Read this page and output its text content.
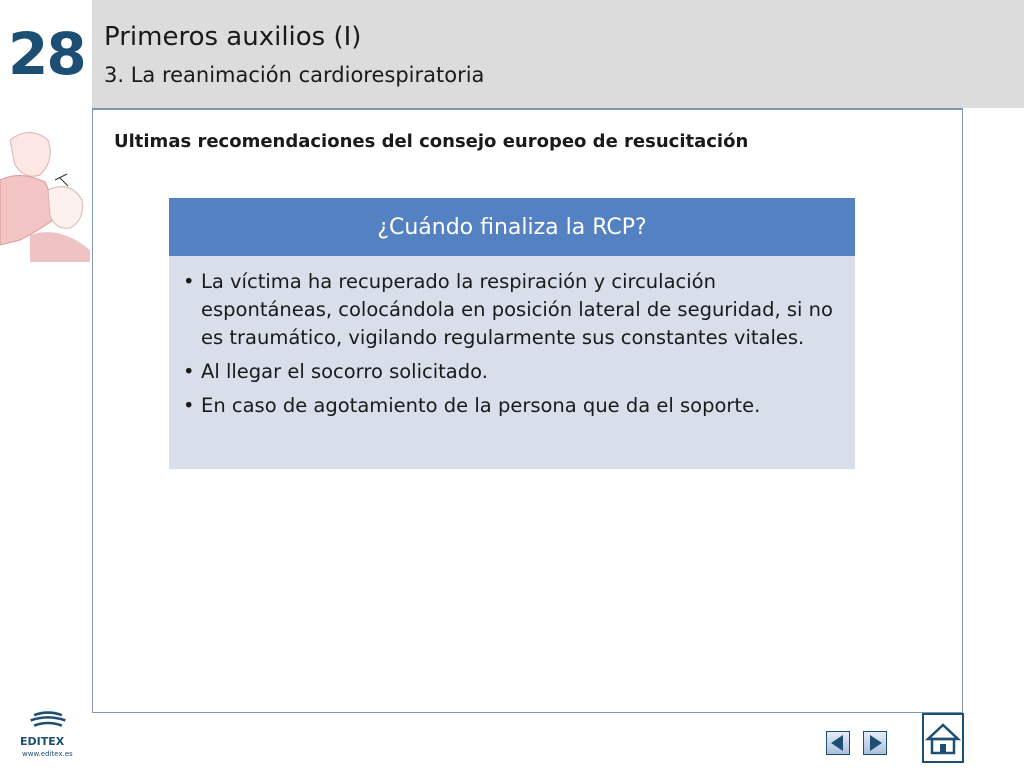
28 Primeros auxilios (I)
3. La reanimación cardiorespiratoria
Ultimas recomendaciones del consejo europeo de resucitación
¿Cuándo finaliza la RCP?
• La víctima ha recuperado la respiración y circulación espontáneas, colocándola en posición lateral de seguridad, si no es traumático, vigilando regularmente sus constantes vitales.
• Al llegar el socorro solicitado.
• En caso de agotamiento de la persona que da el soporte.
EDITEX
www.editex.es
